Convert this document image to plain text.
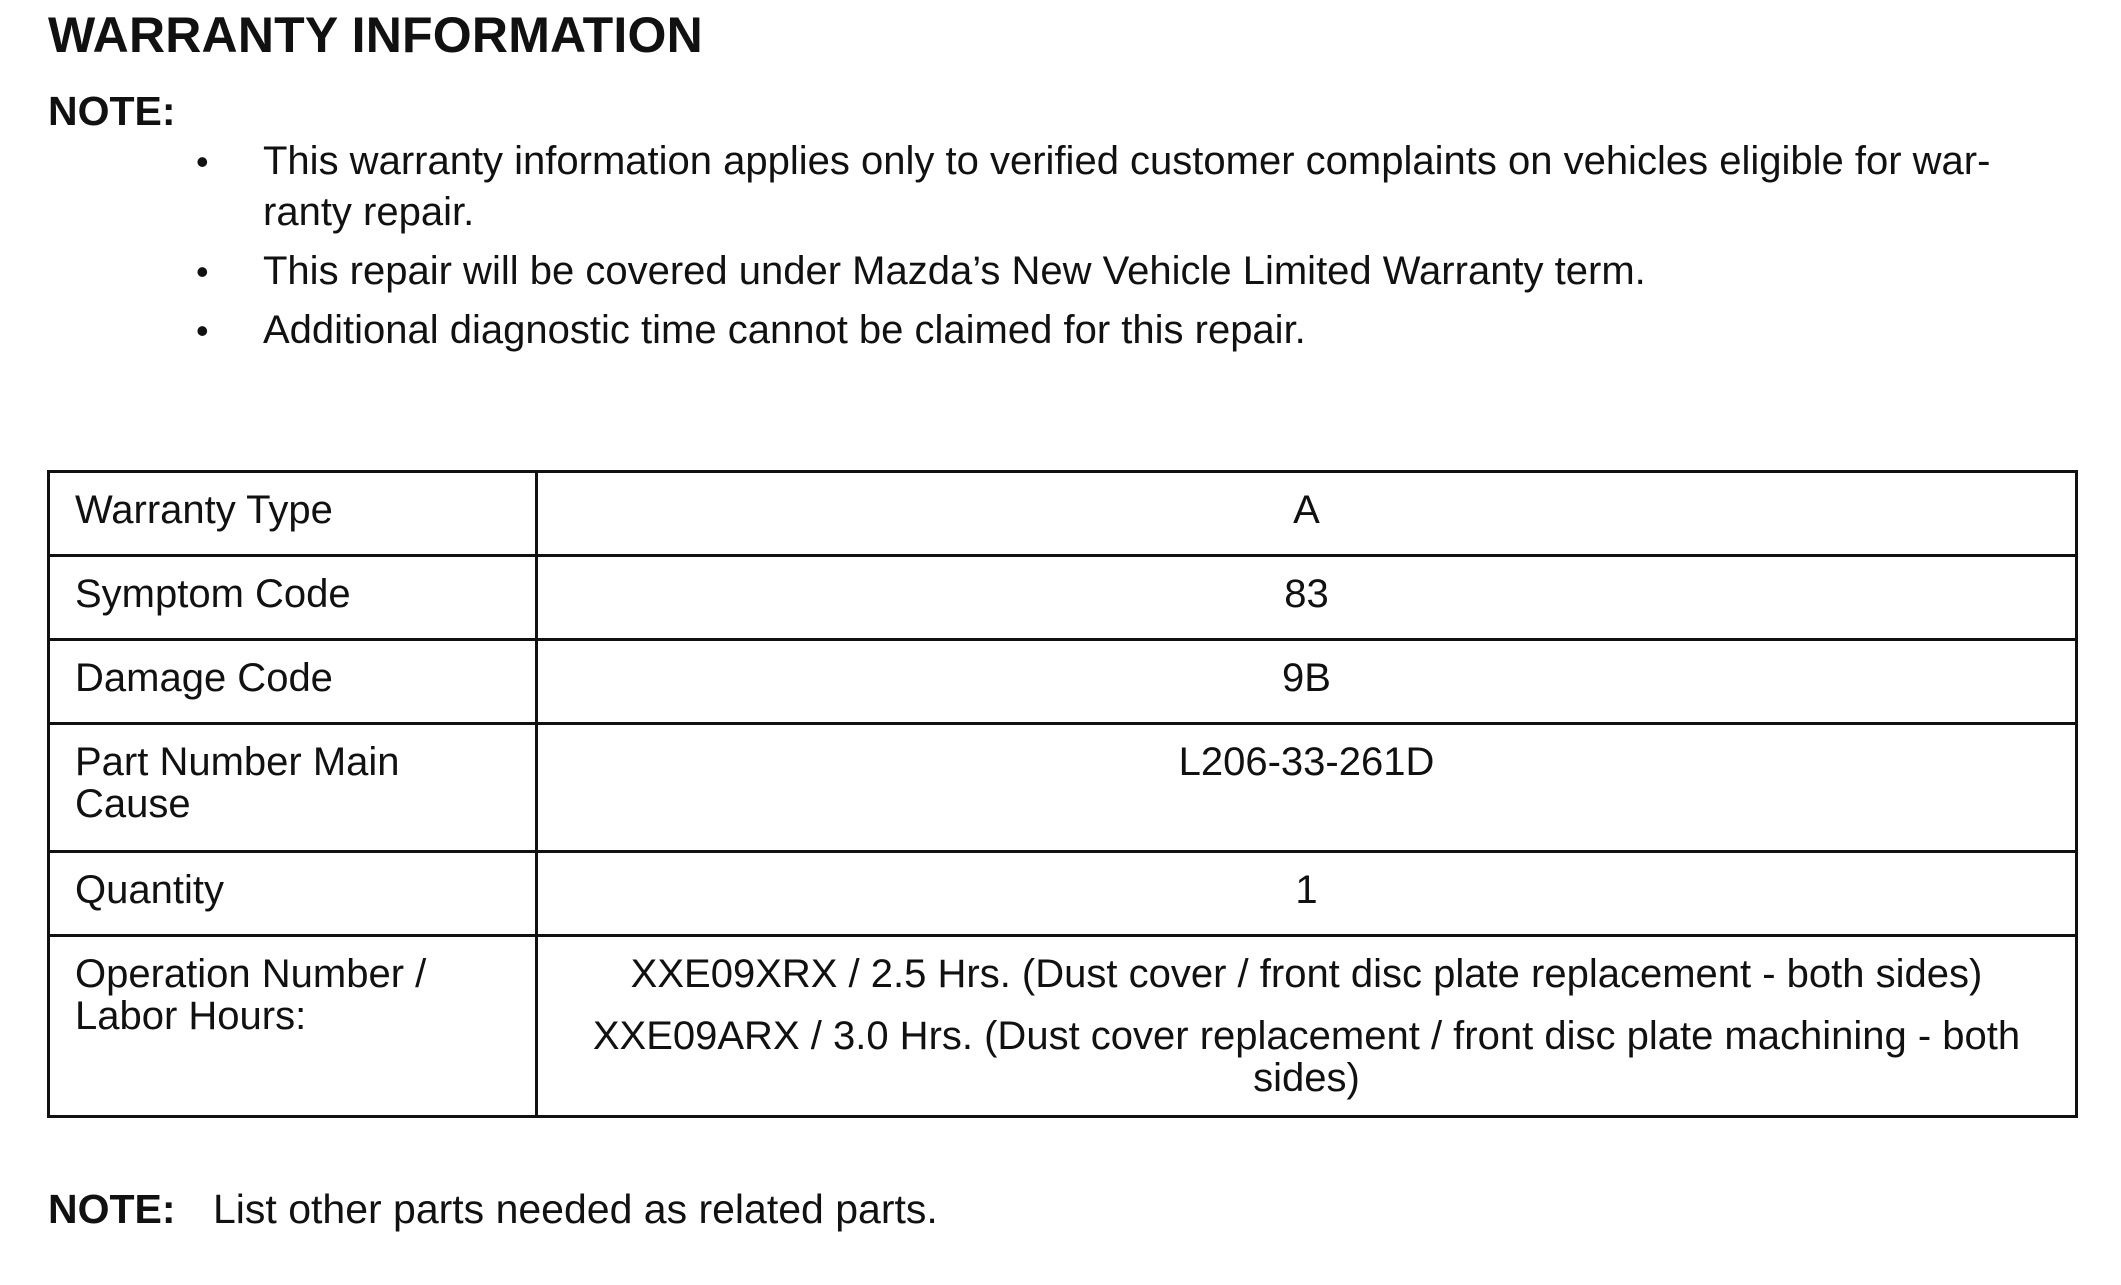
WARRANTY INFORMATION
NOTE:
• This warranty information applies only to verified customer complaints on vehicles eligible for war- ranty repair.
• This repair will be covered under Mazda’s New Vehicle Limited Warranty term.
• Additional diagnostic time cannot be claimed for this repair.
Warranty Type	A

Symptom Code	83

Damage Code	9B

Part Number Main
Cause	L206-33-261D

Quantity	1

Operation Number /
Labor Hours:	XXE09XRX / 2.5 Hrs. (Dust cover / front disc plate replacement - both sides)
XXE09ARX / 3.0 Hrs. (Dust cover replacement / front disc plate machining - both sides)
NOTE: List other parts needed as related parts.
